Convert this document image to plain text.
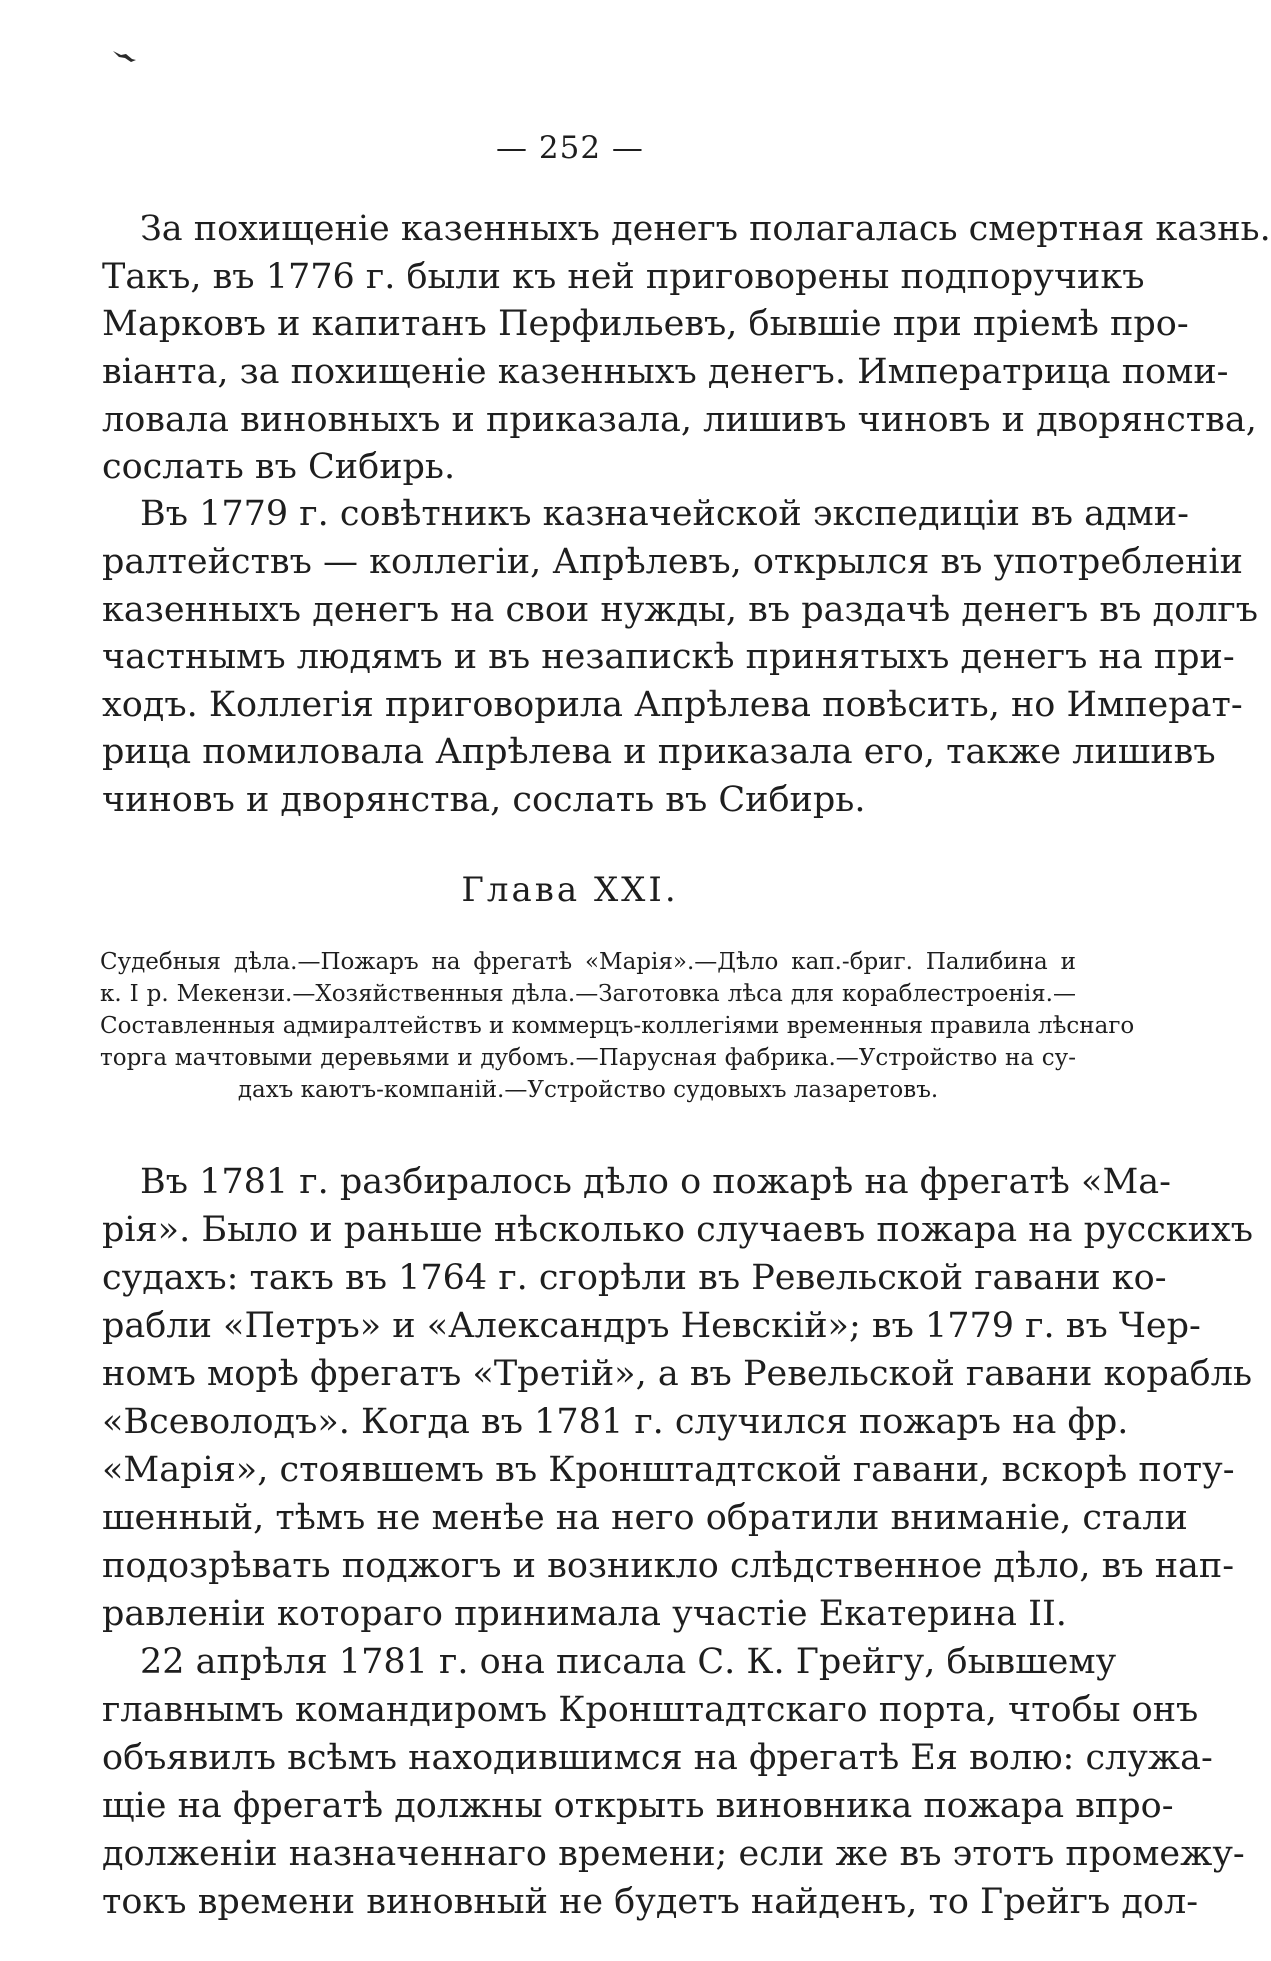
— 252 —
За похищеніе казенныхъ денегъ полагалась смертная казнь.
Такъ, въ 1776 г. были къ ней приговорены подпоручикъ
Марковъ и капитанъ Перфильевъ, бывшіе при пріемѣ про-
віанта, за похищеніе казенныхъ денегъ. Императрица поми-
ловала виновныхъ и приказала, лишивъ чиновъ и дворянства,
сослать въ Сибирь.
Въ 1779 г. совѣтникъ казначейской экспедиціи въ адми-
ралтействъ — коллегіи, Апрѣлевъ, открылся въ употребленіи
казенныхъ денегъ на свои нужды, въ раздачѣ денегъ въ долгъ
частнымъ людямъ и въ незапискѣ принятыхъ денегъ на при-
ходъ. Коллегія приговорила Апрѣлева повѣсить, но Императ-
рица помиловала Апрѣлева и приказала его, также лишивъ
чиновъ и дворянства, сослать въ Сибирь.
Глава XXI.
Судебныя дѣла.—Пожаръ на фрегатѣ «Марія».—Дѣло кап.-бриг. Палибина и
к. I р. Мекензи.—Хозяйственныя дѣла.—Заготовка лѣса для кораблестроенія.—
Составленныя адмиралтействъ и коммерцъ-коллегіями временныя правила лѣснаго
торга мачтовыми деревьями и дубомъ.—Парусная фабрика.—Устройство на су-
дахъ каютъ-компаній.—Устройство судовыхъ лазаретовъ.
Въ 1781 г. разбиралось дѣло о пожарѣ на фрегатѣ «Ма-
рія». Было и раньше нѣсколько случаевъ пожара на русскихъ
судахъ: такъ въ 1764 г. сгорѣли въ Ревельской гавани ко-
рабли «Петръ» и «Александръ Невскій»; въ 1779 г. въ Чер-
номъ морѣ фрегатъ «Третій», а въ Ревельской гавани корабль
«Всеволодъ». Когда въ 1781 г. случился пожаръ на фр.
«Марія», стоявшемъ въ Кронштадтской гавани, вскорѣ поту-
шенный, тѣмъ не менѣе на него обратили вниманіе, стали
подозрѣвать поджогъ и возникло слѣдственное дѣло, въ нап-
равленіи котораго принимала участіе Екатерина II.
22 апрѣля 1781 г. она писала С. К. Грейгу, бывшему
главнымъ командиромъ Кронштадтскаго порта, чтобы онъ
объявилъ всѣмъ находившимся на фрегатѣ Ея волю: служа-
щіе на фрегатѣ должны открыть виновника пожара впро-
долженіи назначеннаго времени; если же въ этотъ промежу-
токъ времени виновный не будетъ найденъ, то Грейгъ дол-
